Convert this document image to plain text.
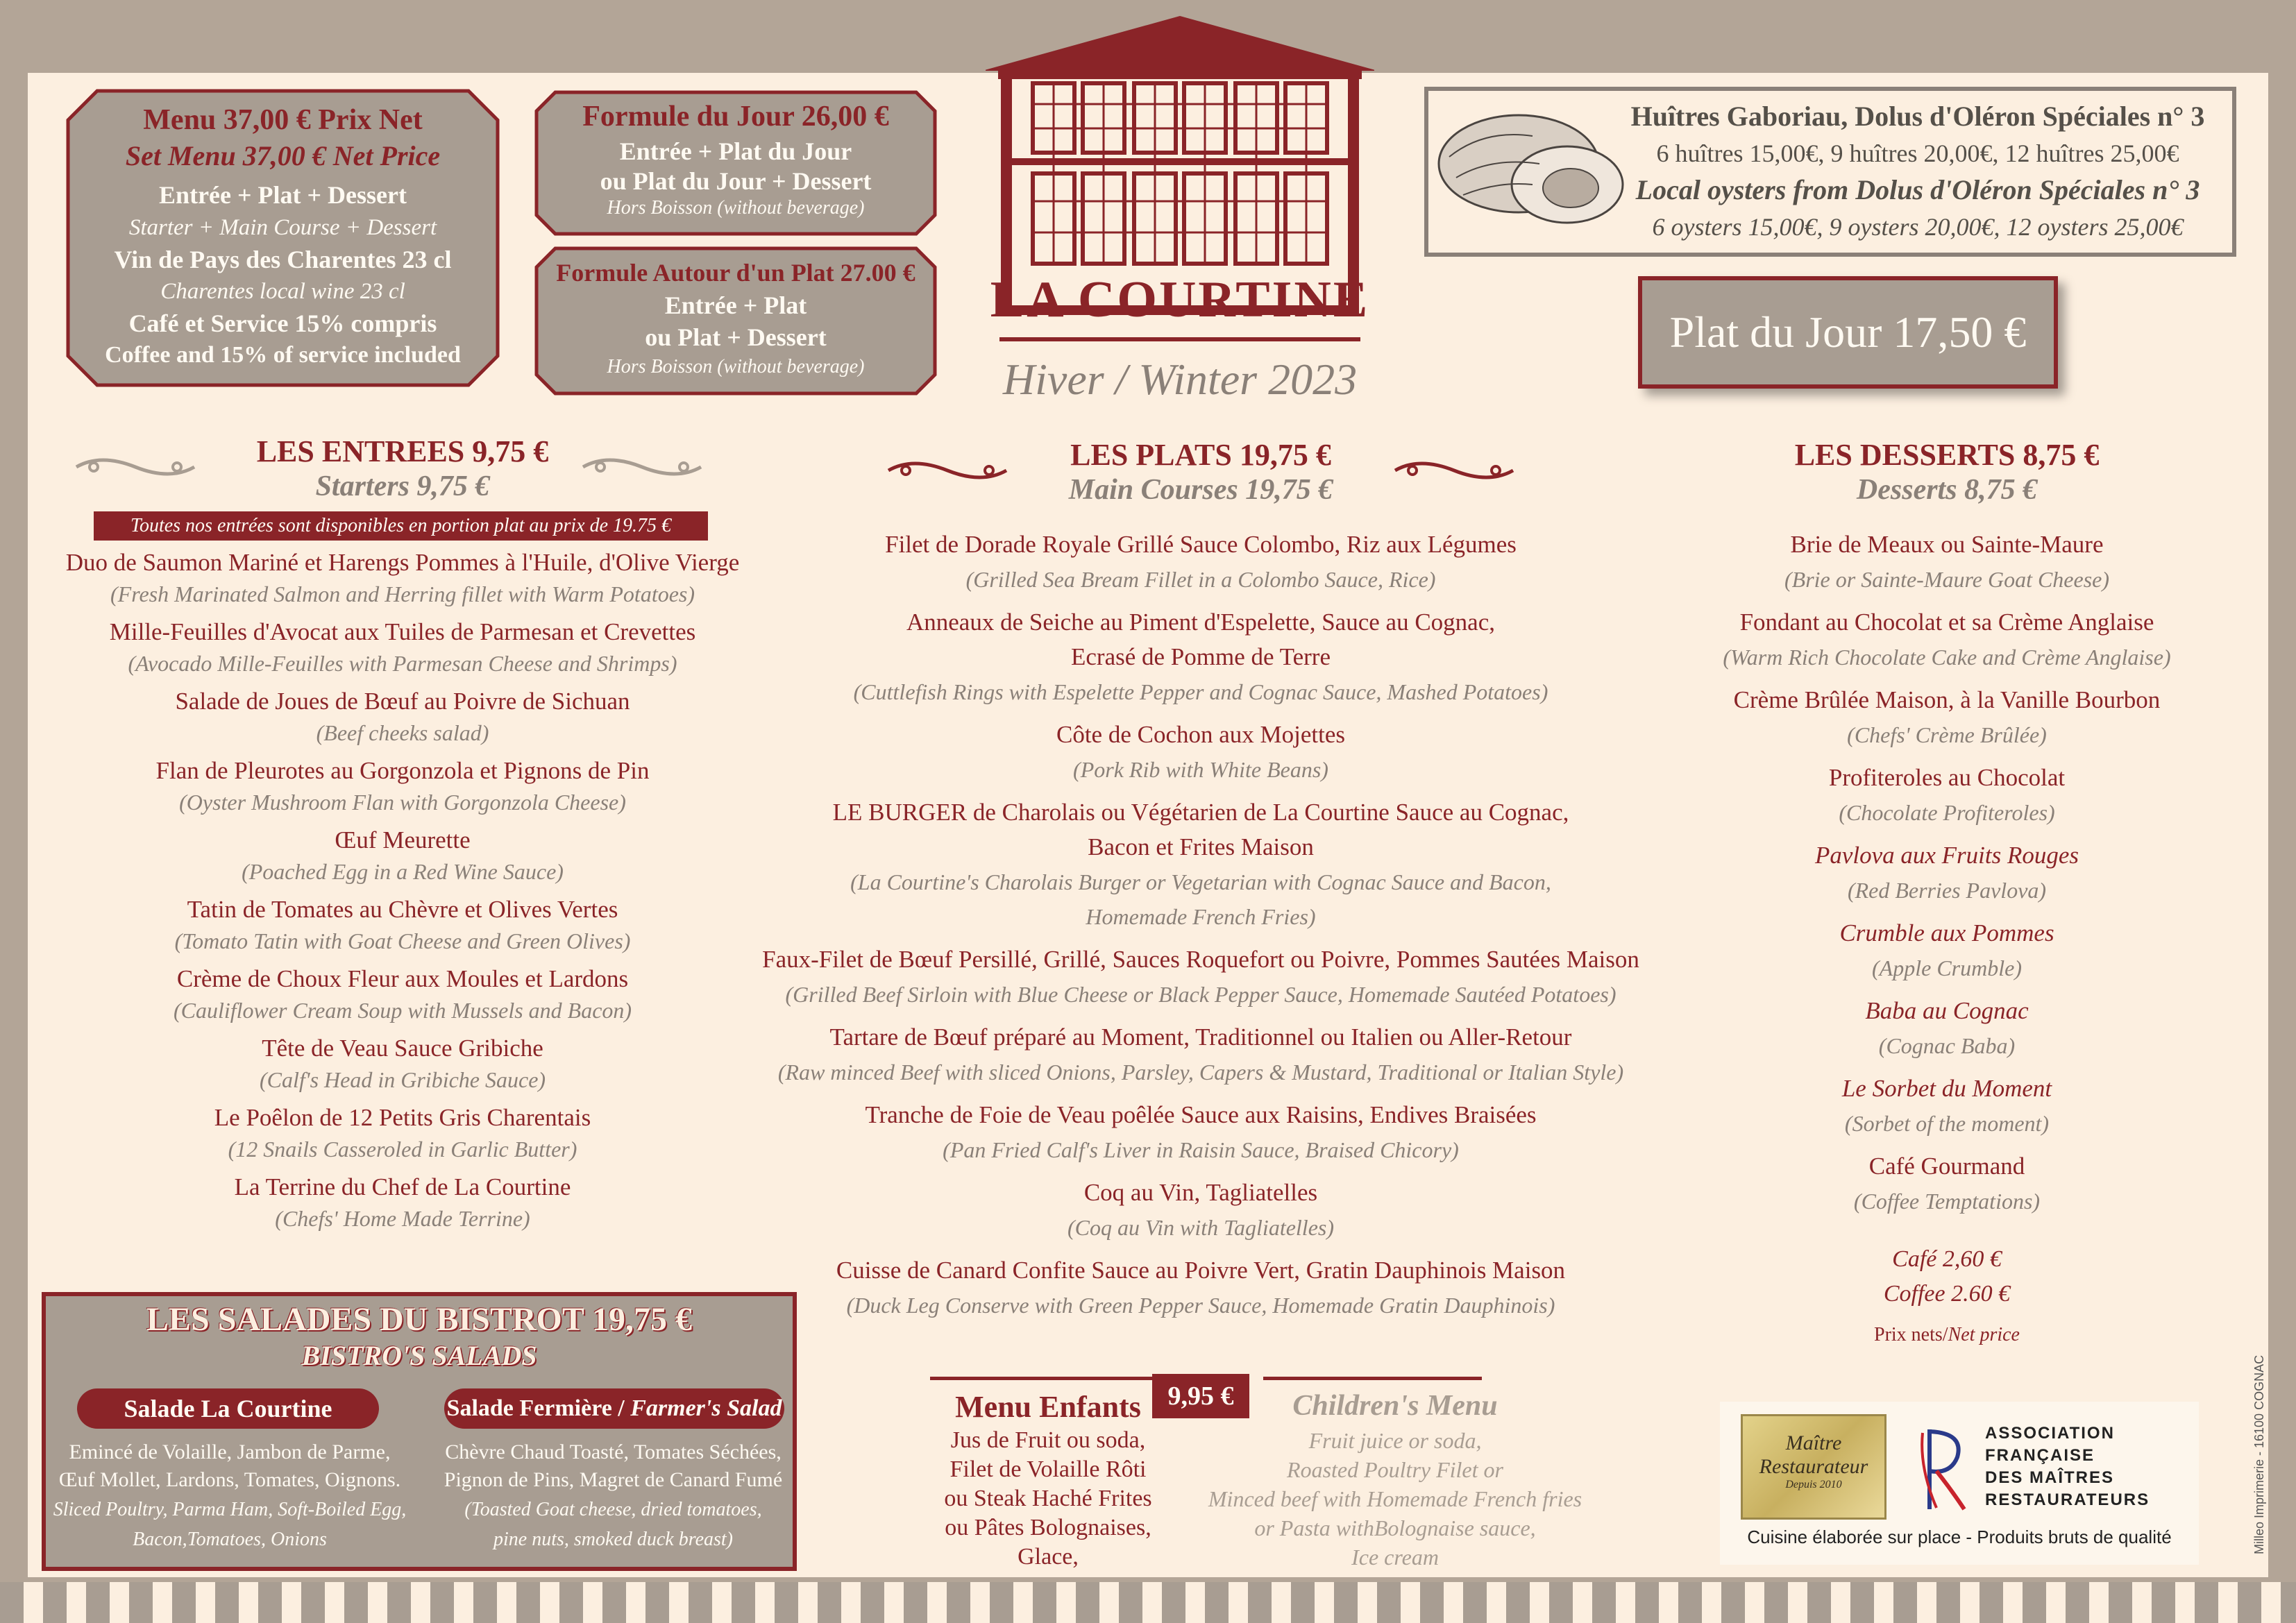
Menu 37,00 € Prix Net
Set Menu 37,00 € Net Price
Entrée + Plat + Dessert
Starter + Main Course + Dessert
Vin de Pays des Charentes 23 cl
Charentes local wine 23 cl
Café et Service 15% compris
Coffee and 15% of service included
Formule du Jour 26,00 €
Entrée + Plat du Jour
ou Plat du Jour + Dessert
Hors Boisson (without beverage)
Formule Autour d'un Plat 27.00 €
Entrée + Plat
ou Plat + Dessert
Hors Boisson (without beverage)
LA COURTINE
Hiver / Winter 2023
Huîtres Gaboriau, Dolus d'Oléron Spéciales n° 3
6 huîtres 15,00€, 9 huîtres 20,00€, 12 huîtres 25,00€
Local oysters from Dolus d'Oléron Spéciales n° 3
6 oysters 15,00€, 9 oysters 20,00€, 12 oysters 25,00€
Plat du Jour 17,50 €
LES ENTREES 9,75 €
Starters 9,75 €
Toutes nos entrées sont disponibles en portion plat au prix de 19.75 €
Duo de Saumon Mariné et Harengs Pommes à l'Huile, d'Olive Vierge
(Fresh Marinated Salmon and Herring fillet with Warm Potatoes)
Mille-Feuilles d'Avocat aux Tuiles de Parmesan et Crevettes
(Avocado Mille-Feuilles with Parmesan Cheese and Shrimps)
Salade de Joues de Bœuf au Poivre de Sichuan
(Beef cheeks salad)
Flan de Pleurotes au Gorgonzola et Pignons de Pin
(Oyster Mushroom Flan with Gorgonzola Cheese)
Œuf Meurette
(Poached Egg in a Red Wine Sauce)
Tatin de Tomates au Chèvre et Olives Vertes
(Tomato Tatin with Goat Cheese and Green Olives)
Crème de Choux Fleur aux Moules et Lardons
(Cauliflower Cream Soup with Mussels and Bacon)
Tête de Veau Sauce Gribiche
(Calf's Head in Gribiche Sauce)
Le Poêlon de 12 Petits Gris Charentais
(12 Snails Casseroled in Garlic Butter)
La Terrine du Chef de La Courtine
(Chefs' Home Made Terrine)
LES PLATS 19,75 €
Main Courses 19,75 €
Filet de Dorade Royale Grillé Sauce Colombo, Riz aux Légumes
(Grilled Sea Bream Fillet in a Colombo Sauce, Rice)
Anneaux de Seiche au Piment d'Espelette, Sauce au Cognac,
Ecrasé de Pomme de Terre
(Cuttlefish Rings with Espelette Pepper and Cognac Sauce, Mashed Potatoes)
Côte de Cochon aux Mojettes
(Pork Rib with White Beans)
LE BURGER de Charolais ou Végétarien de La Courtine Sauce au Cognac,
Bacon et Frites Maison
(La Courtine's Charolais Burger or Vegetarian with Cognac Sauce and Bacon,
Homemade French Fries)
Faux-Filet de Bœuf Persillé, Grillé, Sauces Roquefort ou Poivre, Pommes Sautées Maison
(Grilled Beef Sirloin with Blue Cheese or Black Pepper Sauce, Homemade Sautéed Potatoes)
Tartare de Bœuf préparé au Moment, Traditionnel ou Italien ou Aller-Retour
(Raw minced Beef with sliced Onions, Parsley, Capers & Mustard, Traditional or Italian Style)
Tranche de Foie de Veau poêlée Sauce aux Raisins, Endives Braisées
(Pan Fried Calf's Liver in Raisin Sauce, Braised Chicory)
Coq au Vin, Tagliatelles
(Coq au Vin with Tagliatelles)
Cuisse de Canard Confite Sauce au Poivre Vert, Gratin Dauphinois Maison
(Duck Leg Conserve with Green Pepper Sauce, Homemade Gratin Dauphinois)
LES DESSERTS 8,75 €
Desserts 8,75 €
Brie de Meaux ou Sainte-Maure
(Brie or Sainte-Maure Goat Cheese)
Fondant au Chocolat et sa Crème Anglaise
(Warm Rich Chocolate Cake and Crème Anglaise)
Crème Brûlée Maison, à la Vanille Bourbon
(Chefs' Crème Brûlée)
Profiteroles au Chocolat
(Chocolate Profiteroles)
Pavlova aux Fruits Rouges
(Red Berries Pavlova)
Crumble aux Pommes
(Apple Crumble)
Baba au Cognac
(Cognac Baba)
Le Sorbet du Moment
(Sorbet of the moment)
Café Gourmand
(Coffee Temptations)
Café 2,60 €
Coffee 2.60 €
Prix nets/Net price
LES SALADES DU BISTROT 19,75 €
BISTRO'S SALADS
Salade La Courtine
Emincé de Volaille, Jambon de Parme,
Œuf Mollet, Lardons, Tomates, Oignons.
Sliced Poultry, Parma Ham, Soft-Boiled Egg,
Bacon,Tomatoes, Onions
Salade Fermière / Farmer's Salad
Chèvre Chaud Toasté, Tomates Séchées,
Pignon de Pins, Magret de Canard Fumé
(Toasted Goat cheese, dried tomatoes,
pine nuts, smoked duck breast)
Menu Enfants	9,95 €	Children's Menu
Jus de Fruit ou soda,
Filet de Volaille Rôti
ou Steak Haché Frites
ou Pâtes Bolognaises,
Glace,
Fruit juice or soda,
Roasted Poultry Filet or
Minced beef with Homemade French fries
or Pasta withBolognaise sauce,
Ice cream
Maître
Restaurateur
Depuis 2010
ASSOCIATION
FRANÇAISE
DES MAÎTRES
RESTAURATEURS
Cuisine élaborée sur place - Produits bruts de qualité	Milleo Imprimerie - 16100 COGNAC
